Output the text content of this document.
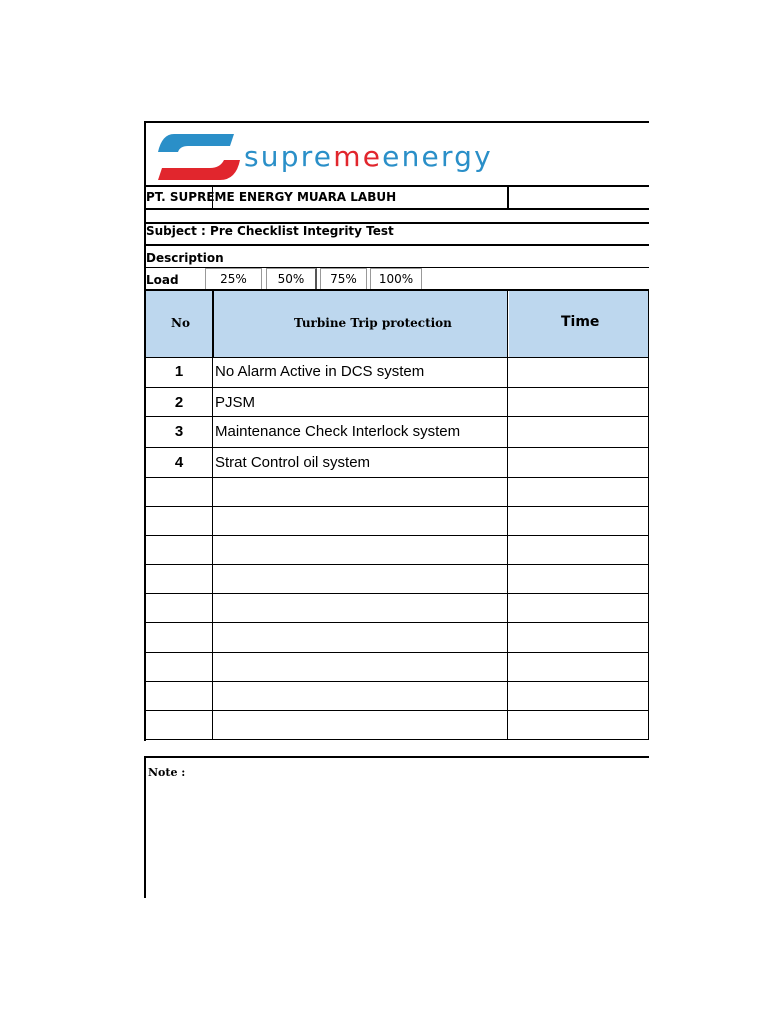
supremeenergy
PT. SUPREME ENERGY MUARA LABUH
Subject : Pre Checklist Integrity Test
Description
Load	25%	50%	75%	100%
No	Turbine Trip protection	Time
1	No Alarm Active in DCS system
2	PJSM
3	Maintenance Check Interlock system
4	Strat Control oil system
Note :
